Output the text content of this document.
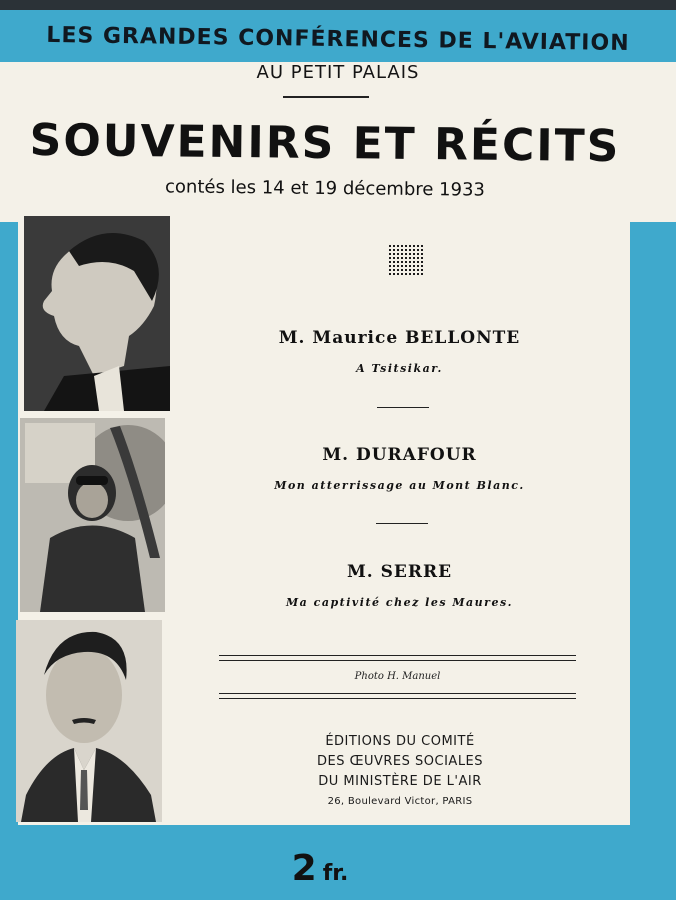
LES GRANDES CONFÉRENCES DE L'AVIATION
AU PETIT PALAIS
SOUVENIRS ET RÉCITS
contés les 14 et 19 décembre 1933
M. Maurice BELLONTE
A Tsitsikar.
M. DURAFOUR
Mon atterrissage au Mont Blanc.
M. SERRE
Ma captivité chez les Maures.
Photo H. Manuel
ÉDITIONS DU COMITÉ
DES ŒUVRES SOCIALES
DU MINISTÈRE DE L'AIR
26, Boulevard Victor, PARIS
2 fr.
